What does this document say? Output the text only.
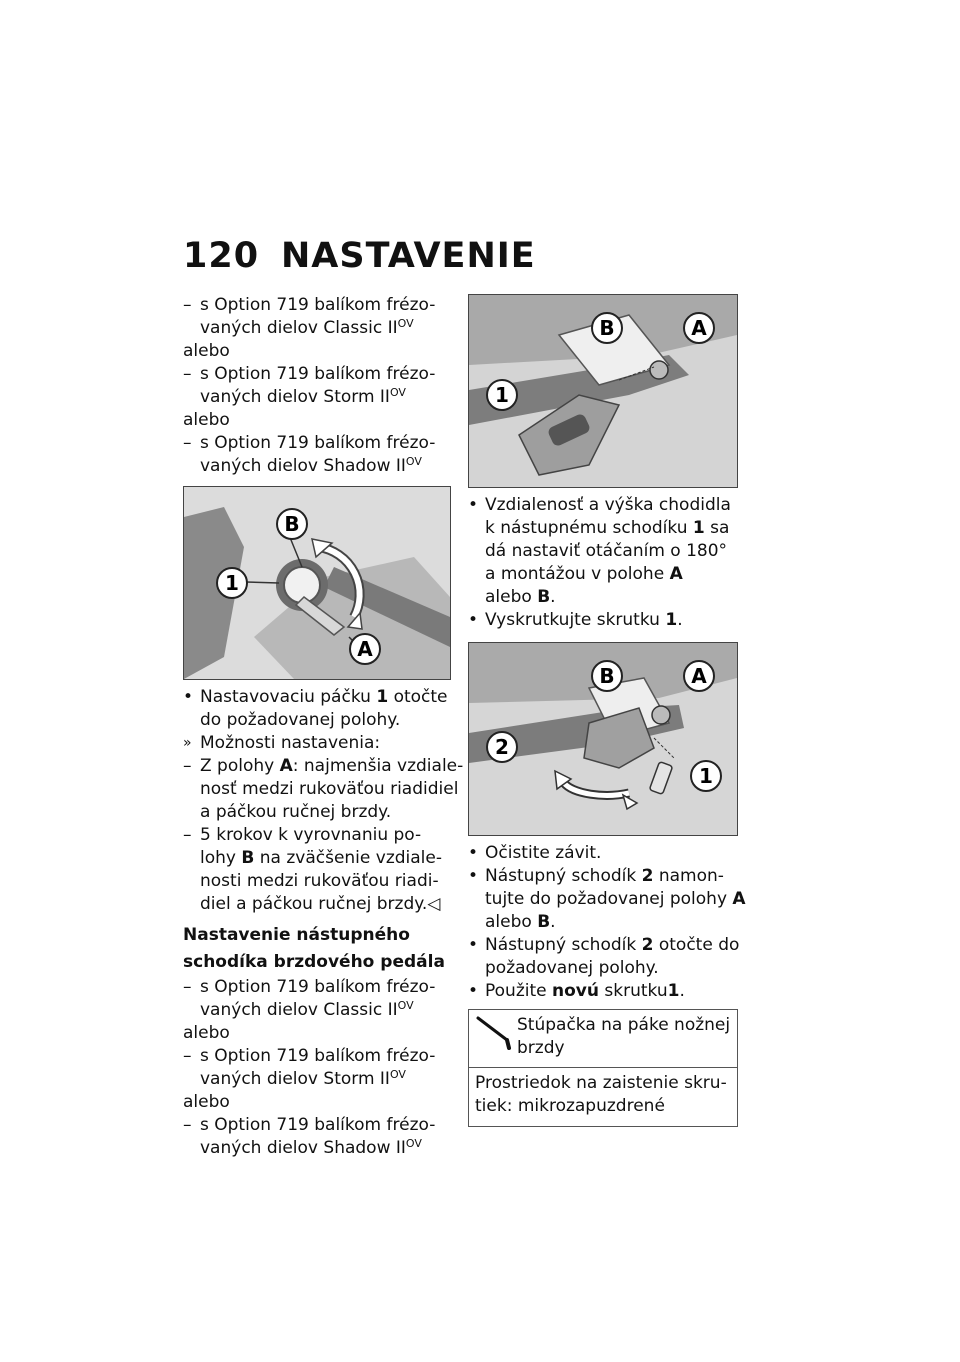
120 NASTAVENIE
– s Option 719 balíkom frézo-
vaných dielov Classic $II^{OV}$
alebo
– s Option 719 balíkom frézo-
vaných dielov Storm $II^{OV}$
alebo
– s Option 719 balíkom frézo-
vaných dielov Shadow $II^{OV}$
B
1
A
• Nastavovaciu páčku 1 otočte
do požadovanej polohy.
» Možnosti nastavenia:
– Z polohy A: najmenšia vzdiale-
nosť medzi rukoväťou riadidiel
a páčkou ručnej brzdy.
– 5 krokov k vyrovnaniu po-
lohy B na zväčšenie vzdiale-
nosti medzi rukoväťou riadi-
diel a páčkou ručnej brzdy.◁
Nastavenie nástupného
schodíka brzdového pedála
– s Option 719 balíkom frézo-
vaných dielov Classic $II^{OV}$
alebo
– s Option 719 balíkom frézo-
vaných dielov Storm $II^{OV}$
alebo
– s Option 719 balíkom frézo-
vaných dielov Shadow $II^{OV}$
B	A
1
• Vzdialenosť a výška chodidla
k nástupnému schodíku 1 sa
dá nastaviť otáčaním o 180°
a montážou v polohe A
alebo B.
• Vyskrutkujte skrutku 1.
B	A
2
1
• Očistite závit.
• Nástupný schodík 2 namon-
tujte do požadovanej polohy A
alebo B.
• Nástupný schodík 2 otočte do
požadovanej polohy.
• Použite novú skrutku1.
Stúpačka na páke nožnej
brzdy
Prostriedok na zaistenie skru-
tiek: mikrozapuzdrené
